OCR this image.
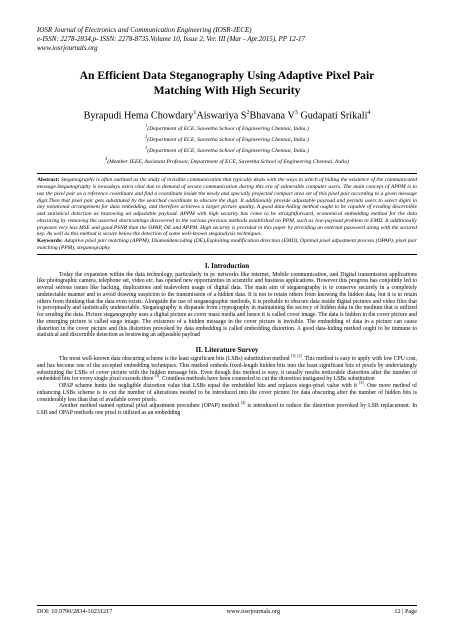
IOSR Journal of Electronics and Communication Engineering (IOSR-JECE)
e-ISSN: 2278-2834,p- ISSN: 2278-8735.Volume 10, Issue 2, Ver. III (Mar - Apr.2015), PP 12-17
www.iosrjournals.org
An Efficient Data Steganography Using Adaptive Pixel Pair
Matching With High Security
Byrapudi Hema Chowdary$^1$Aiswariya $S^2Bhavana$ $V^3$ Gudapati Srikali$^4$
$^1$(Department of ECE, Saveetha School of Engineering Chennai, India.)
$^2$(Department of ECE, Saveetha School of Engineering Chennai, India.)
$^3$(Department of ECE, Saveetha School of Engineering Chennai, India.)
$^4$(Member IEEE, Assistant Professor, Department of ECE, Saveetha School of Engineering Chennai, India)
Abstract: Steganography is often outlined as the study of invisible communication that typically deals with the ways in which of hiding the existence of the communicated message.Steganography is nowadays extra vital due to demand of secure communication during this era of vulnerable computer users. The main concept of APPM is to use the pixel pair as a reference coordinate and find a coordinate inside the newly and specially projected compact area set of this pixel pair according to a given message digit.Then that pixel pair gets substituted by the searched coordinate to obscure the digit. It additionally provide adjustable payload and permits users to select digits in any notational arrangement for data embedding, and therefore achieves a larger picture quality. A good data-hiding method ought to be capable of evading discernible and statistical detection as bestowing an adjustable payload. APPM with high security has come to be straightforward, economical embedding method for the data obscuring by removing the assorted shortcomings discovered in the various previous methods established on PPM, such as low-payload problem in EMD. It additionally proposes very less MSE and good PSNR than the OPAP, DE and APPM. High security is provided in this paper by providing an external password along with the secured key. As well as this method is secure below the detection of some well-known steganalysis techniques.
Keywords: Adaptive pixel pair matching (APPM), Diamondencoding (DE),Exploiting modification direction (EMD), Optimal pixel adjustment process (OPAP), pixel pair matching (PPM), steganography.
I. Introduction
Today the expansion within the data technology, particularly in pc networks like internet, Mobile communication, and Digital transmission applications like photographic camera, telephone set, video etc. has opened new opportunities in scientific and business applications. However this progress has conjointly led to several serious issues like hacking, duplications and malevolent usage of digital data. The main aim of steganography is to conserve securely in a completely undetectable manner and to avoid drawing suspicion to the transmission of a hidden data. It is not to retain others from knowing the hidden data, but it is to retain others from thinking that the data even exists. Alongside the use of steganographic methods, it is probable to obscure data inside digital pictures and video files that is perceptually and statistically undetectable. Steganography is disparate from cryptography in maintaining the secrecy of hidden data in the medium that is utilized for sending the data. Picture steganography uses a digital picture as cover mass media and hence it is called cover image. The data is hidden in the cover picture and the emerging picture is called stego image. The existence of a hidden message in the cover picture is invisible. The embedding of data in a picture can cause distortion in the cover picture and this distortion provoked by data embedding is called embedding distortion. A good data-hiding method ought to be immune to statistical and discernible detection as bestowing an adjustable payload
II. Literature Survey
The most well-known data obscuring scheme is the least significant bits (LSBs) substitution method [1], [2]. This method is easy to apply with low CPU cost, and has become one of the accepted embedding techniques. This method embeds fixed-length hidden bits into the least significant bits of pixels by undeviatingly substituting the LSBs of cover picture with the hidden message bits. Even though this method is easy, it usually results noticeable distortion after the number of embedded bits for every single pixel exceeds three [1]. Countless methods have been counseled to cut the distortion instigated by LSBs substitution
OPAP scheme hunts the negligible distortion value that LSBs equal the embedded bits and replaces stego-pixel value with it [3]. One more method of enhancing LSBs scheme is to cut the number of alterations needed to be introduced into the cover picture for data obscuring after the number of hidden bits is considerably less than that of available cover pixels.
Another method named optimal pixel adjustment procedure (OPAP) method [4] is introduced to reduce the distortion provoked by LSB replacement. In LSB and OPAP methods one pixel is utilized as an embedding
DOI: 10.9790/2834-10231217	www.iosrjournals.org	12 | Page
